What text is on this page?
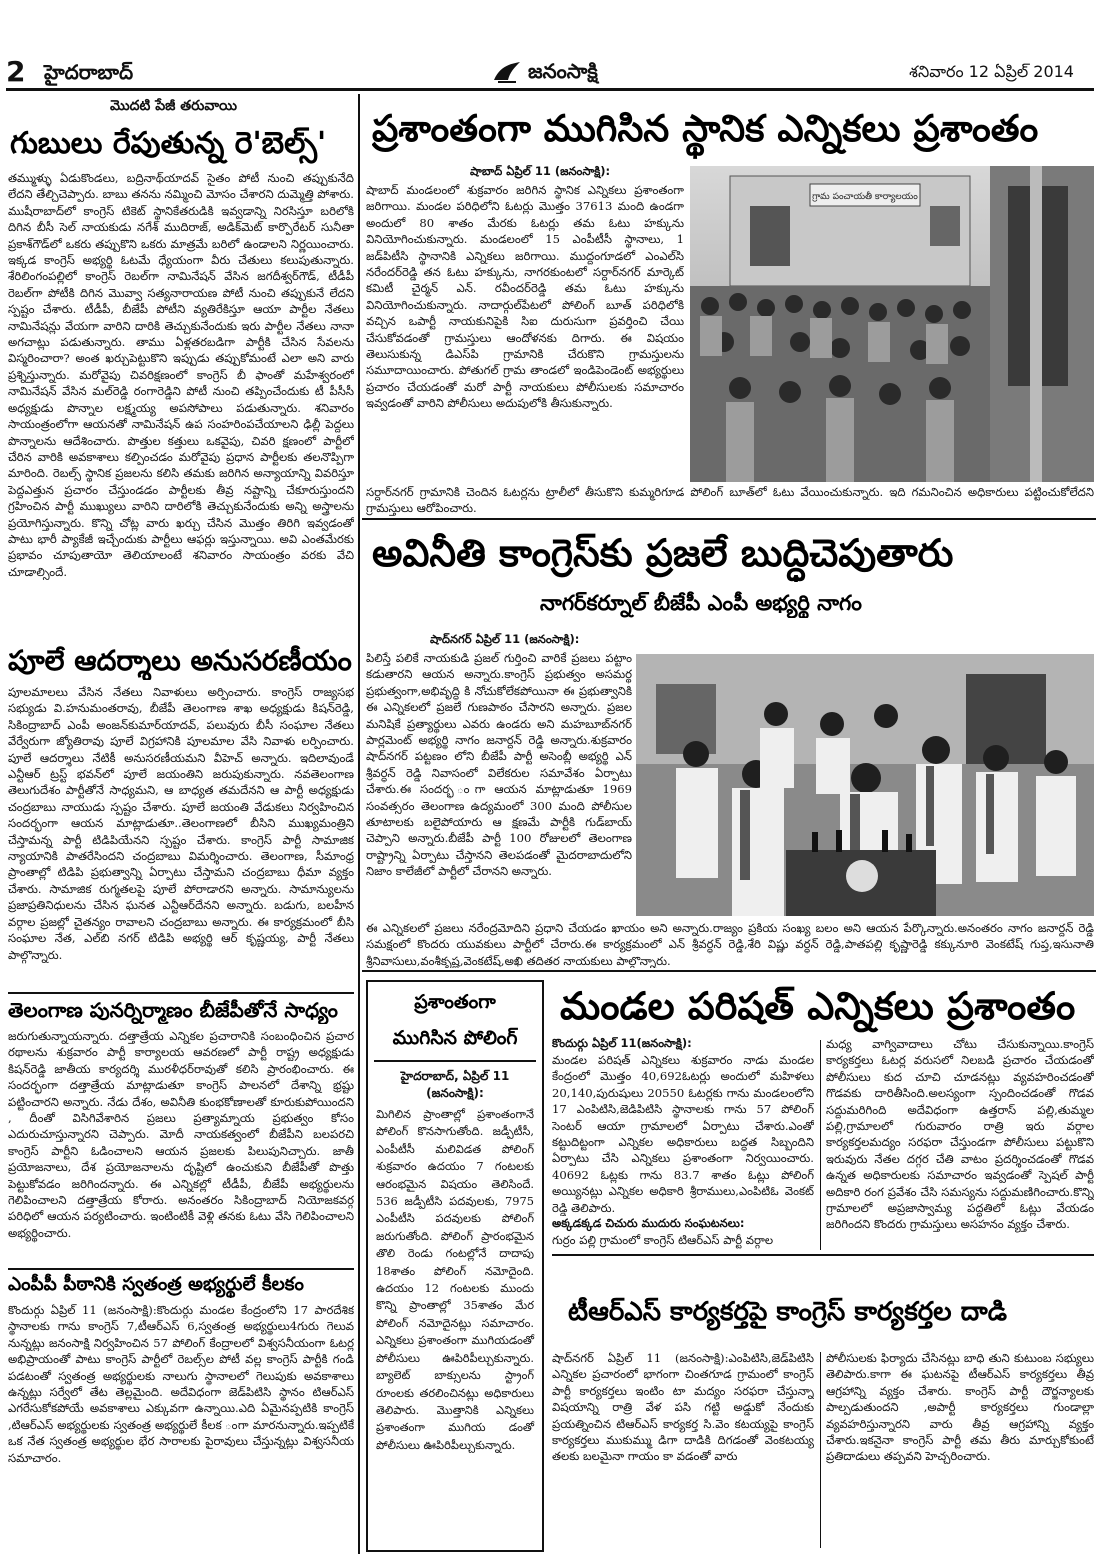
2 హైదరాబాద్	జనంసాక్షి	శనివారం 12 ఏప్రిల్ 2014
మొదటి పేజీ తరువాయి
గుబులు రేపుతున్న రె'బెల్స్'
తమ్ముళ్ళు ఏడుకొండలు, బద్రినాథ్‌యాదవ్ సైతం పోటీ నుంచి తప్పుకునేది లేదని తేల్చిచెప్పారు. బాబు తనను నమ్మించి మోసం చేశారని దుమ్మెత్తి పోశారు. ముషీరాబాద్‌లో కాంగ్రెస్ టికెట్ స్థానికేతరుడికి ఇవ్వడాన్ని నిరసిస్తూ బరిలోకి దిగిన బీసీ సెల్ నాయకుడు నగేశ్ ముదిరాజ్, అడిక్‌మెట్ కార్పొరేటర్ సునీతా ప్రకాశ్‌గౌడ్‌లో ఒకరు తప్పుకొని ఒకరు మాత్రమే బరిలో ఉండాలని నిర్ణయించారు. ఇక్కడ కాంగ్రెస్ అభ్యర్థి ఓటమే ధ్యేయంగా వీరు చేతులు కలుపుతున్నారు. శేరిలింగంపల్లిలో కాంగ్రెస్ రెబల్‌గా నామినేషన్ వేసిన జగదీశ్వర్‌గౌడ్, టీడీపీ రెబల్‌గా పోటీకి దిగిన మొవ్వా సత్యనారాయణ పోటీ నుంచి తప్పుకునే లేదని స్పష్టం చేశారు. టీడీపీ, బీజేపీ పోటీని వ్యతిరేకిస్తూ ఆయా పార్టీల నేతలు నామినేషన్లు వేయగా వారిని దారికి తెచ్చుకునేందుకు ఇరు పార్టీల నేతలు నానా అగచాట్లు పడుతున్నారు. తాము ఏళ్లతరబడిగా పార్టీకి చేసిన సేవలను విస్మరించారా? అంత ఖర్చుపెట్టుకొని ఇప్పుడు తప్పుకోమంటే ఎలా అని వారు ప్రశ్నిస్తున్నారు. మరోవైపు చివరిక్షణంలో కాంగ్రెస్ బీ ఫాంతో మహేశ్వరంలో నామినేషన్ వేసిన మల్‌రెడ్డి రంగారెడ్డిని పోటీ నుంచి తప్పించేందుకు టీ పీసీసీ అధ్యక్షుడు పొన్నాల లక్ష్మయ్య అపసోపాలు పడుతున్నారు. శనివారం సాయంత్రంలోగా ఆయనతో నామినేషన్ ఉప సంహరింపచేయాలని ఢిల్లీ పెద్దలు పొన్నాలను ఆదేశించారు. పొత్తుల కత్తులు ఒకవైపు, చివరి క్షణంలో పార్టీలో చేరిన వారికి అవకాశాలు కల్పించడం మరోవైపు ప్రధాన పార్టీలకు తలనొప్పిగా మారింది. రెబల్స్ స్థానిక ప్రజలను కలిసి తమకు జరిగిన అన్యాయాన్ని వివరిస్తూ పెద్దఎత్తున ప్రచారం చేస్తుండడం పార్టీలకు తీవ్ర నష్టాన్ని చేకూరుస్తుందని గ్రహించిన పార్టీ ముఖ్యులు వారిని దారిలోకి తెచ్చుకునేందుకు అన్ని అస్త్రాలను ప్రయోగిస్తున్నారు. కొన్ని చోట్ల వారు ఖర్చు చేసిన మొత్తం తిరిగి ఇవ్వడంతో పాటు భారీ ప్యాకేజీ ఇచ్చేందుకు పార్టీలు ఆఫర్లు ఇస్తున్నాయి. అవి ఎంతమేరకు ప్రభావం చూపుతాయో తెలియాలంటే శనివారం సాయంత్రం వరకు వేచి చూడాల్సిందే.
పూలే ఆదర్శాలు అనుసరణీయం
పూలమాలలు వేసిన నేతలు నివాళులు అర్పించారు. కాంగ్రెస్ రాజ్యసభ సభ్యుడు వి.హనుమంతరావు, బీజేపీ తెలంగాణ శాఖ అధ్యక్షుడు కిషన్‌రెడ్డి, సికింద్రాబాద్ ఎంపీ అంజన్‌కుమార్‌యాదవ్, పలువురు బీసీ సంఘాల నేతలు వేర్వేరుగా జ్యోతిరావు పూలే విగ్రహానికి పూలమాల వేసి నివాళు లర్పించారు. పూలే ఆదర్శాలు నేటికీ అనుసరణీయమని వీహెచ్ అన్నారు. ఇదిలావుండే ఎన్టీఆర్ ట్రస్ట్ భవన్‌లో పూలే జయంతిని జరుపుకున్నారు. నవతెలంగాణ తెలుగుదేశం పార్టీతోనే సాధ్యమని, ఆ బాధ్యత తమదేనని ఆ పార్టీ అధ్యక్షుడు చంద్రబాబు నాయుడు స్పష్టం చేశారు. పూలే జయంతి వేడుకలు నిర్వహించిన సందర్భంగా ఆయన మాట్లాడుతూ..తెలంగాణలో బీసిని ముఖ్యమంత్రిని చేస్తామన్న పార్టీ టిడిపియేనని స్పష్టం చేశారు. కాంగ్రెస్ పార్టీ సామాజిక న్యాయానికి పాతరేసిందని చంద్రబాబు విమర్శించారు. తెలంగాణ, సీమాంధ్ర ప్రాంతాల్లో టిడిపి ప్రభుత్వాన్ని ఏర్పాటు చేస్తామని చంద్రబాబు ధీమా వ్యక్తం చేశారు. సామాజిక రుగ్మతలపై పూలే పోరాడారని అన్నారు. సామాన్యులను ప్రజాప్రతినిధులను చేసిన ఘనత ఎన్టీఆర్‌దేనని అన్నారు. బడుగు, బలహీన వర్గాల ప్రజల్లో చైతన్యం రావాలని చంద్రబాబు అన్నారు. ఈ కార్యక్రమంలో బీసి సంఘాల నేత, ఎల్‌బి నగర్ టిడిపి అభ్యర్థి ఆర్ కృష్ణయ్య, పార్టీ నేతలు పాల్గొన్నారు.
తెలంగాణ పునర్నిర్మాణం బీజేపీతోనే సాధ్యం
జరుగుతున్నాయన్నారు. దత్తాత్రేయ ఎన్నికల ప్రచారానికి సంబంధించిన ప్రచార రథాలను శుక్రవారం పార్టీ కార్యాలయ ఆవరణలో పార్టీ రాష్ట్ర అధ్యక్షుడు కిషన్‌రెడ్డి జాతీయ కార్యదర్శి మురళీధర్‌రావుతో కలిసి ప్రారంభించారు. ఈ సందర్భంగా దత్తాత్రేయ మాట్లాడుతూ కాంగ్రెస్ పాలనలో దేశాన్ని భ్రష్టు పట్టించారని అన్నారు. నేడు దేశం, అవినీతి కుంభకోణాలతో కూరుకుపోయిందని , దీంతో విసిగివేశారిన ప్రజలు ప్రత్యామ్నాయ ప్రభుత్వం కోసం ఎదురుచూస్తున్నారని చెప్పారు. మోదీ నాయకత్వంలో బీజేపీని బలపరచి కాంగ్రెస్ పార్టీని ఓడించాలని ఆయన ప్రజలకు పిలుపునిచ్చారు. జాతీ ప్రయోజనాలు, దేశ ప్రయోజనాలను దృష్టిలో ఉంచుకుని బీజేపీతో పొత్తు పెట్టుకోవడం జరిగిందన్నారు. ఈ ఎన్నికల్లో టీడీపీ, బీజేపీ అభ్యర్థులను గెలిపించాలని దత్తాత్రేయ కోరారు. అనంతరం సికింద్రాబాద్ నియోజకవర్గ పరిధిలో ఆయన పర్యటించారు. ఇంటింటికీ వెళ్లి తనకు ఓటు వేసి గెలిపించాలని అభ్యర్థించారు.
ఎంపీపీ పీఠానికి స్వతంత్ర అభ్యర్థులే కీలకం
కొందుర్గు ఏప్రిల్ 11 (జనంసాక్షి):కొందుర్గు మండల కేంద్రంలోని 17 పారదేశిక స్థానాలకు గాను కాంగ్రెస్ 7,టీఆర్ఎస్ 6,స్వతంత్ర అభ్యర్థులు4గురు గెలువ నున్నట్లు జనంసాక్షి నిర్వహించిన 57 పోలింగ్ కేంద్రాలలో విశ్వసనీయంగా ఓటర్ల అభిప్రాయంతో పాటు కాంగ్రెస్ పార్టీలో రెబల్స్‌ల పోటీ వల్ల కాంగ్రెస్ పార్టీకి గండి పడటంతో స్వతంత్ర అభ్యర్థులకు నాలుగు స్థానాలలో గెలుపుకు అవకాశాలు ఉన్నట్లు సర్వేలో తేట తెల్లమైంది. అదేవిధంగా జెడ్‌పిటిసి స్థానం టిఆర్ఎస్ ఎగరేసుకోకపోయే అవకాశాలు ఎక్కువగా ఉన్నాయి.ఎది ఏమైనప్పటికి కాంగ్రెస్ ,టిఆర్ఎస్ అభ్యర్థులకు స్వతంత్ర అభ్యర్థులే కీలక ంగా మారనున్నారు.ఇప్పటికే ఒక నేత స్వతంత్ర అభ్యర్థుల భేర సారాలకు పైరావులు చేస్తున్నట్లు విశ్వసనీయ సమాచారం.
ప్రశాంతంగా ముగిసిన స్థానిక ఎన్నికలు ప్రశాంతం
షాబాద్ ఏప్రిల్ 11 (జనంసాక్షి):
షాబాద్ మండలంలో శుక్రవారం జరిగిన స్థానిక ఎన్నికలు ప్రశాంతంగా జరిగాయి. మండల పరిధిలోని ఓటర్లు మొత్తం 37613 మంది ఉండగా అందులో 80 శాతం మేరకు ఓటర్లు తమ ఓటు హక్కును వినియోగించుకున్నారు. మండలంలో 15 ఎంపీటీసీ స్థానాలు, 1 జడ్‌పిటీసి స్థానానికి ఎన్నికలు జరిగాయి. ముద్దంగూడలో ఎంఎల్‌సి నరేందర్‌రెడ్డి తన ఓటు హక్కును, నాగరకుంటలో సర్దార్‌నగర్ మార్కెట్ కమిటీ చైర్మన్ ఎన్. రవీందర్‌రెడ్డి తమ ఓటు హక్కును వినియోగించుకున్నారు. నాదార్గుల్‌పేటలో పోలింగ్ బూత్ పరిధిలోకి వచ్చిన ఒపార్టీ నాయకునిపైకి సిఐ దురుసుగా ప్రవర్తించి చేయి చేసుకోవడంతో గ్రామస్తులు ఆందోళనకు దిగారు. ఈ విషయం తెలుసుకున్న డిఎస్‌పి గ్రామానికి చేరుకొని గ్రామస్తులను సమూదాయించారు. పోతుగల్ గ్రామ తాండలో ఇండిపెండెంట్ అభ్యర్థులు ప్రచారం చేయడంతో మరో పార్టీ నాయకులు పోలీసులకు సమాచారం ఇవ్వడంతో వారిని పోలీసులు అదుపులోకి తీసుకున్నారు.
సర్దార్‌నగర్ గ్రామానికి చెందిన ఓటర్లను ట్రాలీలో తీసుకొని కుమ్మరిగూడ పోలింగ్ బూత్‌లో ఓటు వేయించుకున్నారు. ఇది గమనించిన అధికారులు పట్టించుకోలేదని గ్రామస్తులు ఆరోపించారు.
గ్రామ పంచాయతీ కార్యాలయం
అవినీతి కాంగ్రెస్‌కు ప్రజలే బుద్ధిచెపుతారు
నాగర్‌కర్నూల్ బీజేపీ ఎంపీ అభ్యర్థి నాగం
షాద్‌నగర్ ఏప్రిల్ 11 (జనంసాక్షి):
పిలిస్తే పలికే నాయకుడి ప్రజల్ గుర్తించి వారికే ప్రజలు పట్టాం కడుతారని ఆయన అన్నారు.కాంగ్రెస్ ప్రభుత్వం అసమర్థ ప్రభుత్వంగా,అభివృద్ధి కి నోచుకోలేకపోయినా ఈ ప్రభుత్వానికి ఈ ఎన్నికలలో ప్రజలే గుణపాఠం చేసారని అన్నారు. ప్రజల మనిషికే ప్రత్యార్థులు ఎవరు ఉండరు అని మహబూబ్‌నగర్ పార్లమెంట్ అభ్యర్థి నాగం జనార్దన్ రెడ్డి అన్నారు.శుక్రవారం షాద్‌నగర్ పట్టణం లోని బీజేపీ పార్టీ అసెంబ్లీ అభ్యర్థి ఎన్ శ్రీవర్ధన్ రెడ్డి నివాసంలో విలేకరుల సమావేశం ఏర్పాటు చేశారు.ఈ సందర్భ ంగా ఆయన మాట్లాడుతూ 1969 సంవత్సరం తెలంగాణ ఉద్యమంలో 300 మంది పోలీసుల తూటాలకు బలైపోయారు ఆ క్షణమే పార్టీకి గుడ్‌బాయ్ చెప్పాని అన్నారు.బీజేపీ పార్టీ 100 రోజులలో తెలంగాణ రాష్ట్రాన్ని ఏర్పాటు చేస్తానని తెలపడంతో మైదరాబాదులోని నిజాం కాలేజీలో పార్టీలో చేరానని అన్నారు.
ఈ ఎన్నికలలో ప్రజలు నరేంద్రమోదిని ప్రధాని చేయడం ఖాయం అని అన్నారు.రాజ్యం ప్రకియ సంఖ్య బలం అని ఆయన పేర్కొన్నారు.అనంతరం నాగం జనార్దన్ రెడ్డి సమక్షంలో కొందరు యువకులు పార్టీలో చేరారు.ఈ కార్యక్రమంలో ఎన్ శ్రీవర్ధన్ రెడ్డి,శేరి విష్ణు వర్ధన్ రెడ్డి,పాతపల్లి కృష్ణారెడ్డి కక్కునూరి వెంకటేష్ గుప్త,ఇసునాతి శ్రీనివాసులు,వంశీకృష్ణ,వెంకటేష్,అఖి తదితర నాయకులు పాల్గొన్నారు.
ప్రశాంతంగా
ముగిసిన పోలింగ్
హైదరాబాద్, ఏప్రిల్ 11 (జనంసాక్షి):
మిగిలిన ప్రాంతాల్లో ప్రశాంతంగానే పోలింగ్ కొనసాగుతోంది. జడ్పీటీసీ, ఎంపీటీసీ మలివిడత పోలింగ్ శుక్రవారం ఉదయం 7 గంటలకు ఆరంభమైన విషయం తెలిసిందే. 536 జడ్పీటీసి పదవులకు, 7975 ఎంపీటీసి పదవులకు పోలింగ్ జరుగుతోంది. పోలింగ్ ప్రారంభమైన తొలి రెండు గంటల్లోనే దాదాపు 18శాతం పోలింగ్ నమోదైంది. ఉదయం 12 గంటలకు ముందు కొన్ని ప్రాంతాల్లో 35శాతం మేర పోలింగ్ నమోదైనట్లు సమాచారం. ఎన్నికలు ప్రశాంతంగా ముగియడంతో పోలీసులు ఊపిరిపీల్చుకున్నారు. బ్యాలెట్ బాక్సులను స్ట్రాంగ్ రూంలకు తరలించినట్లు అధికారులు తెలిపారు. మొత్తానికి ఎన్నికలు ప్రశాంతంగా ముగియ డంతో పోలీసులు ఊపిరిపీల్చుకున్నారు.
మండల పరిషత్ ఎన్నికలు ప్రశాంతం
కొందుర్గు ఏప్రిల్ 11(జనంసాక్షి):
మండల పరిషత్ ఎన్నికలు శుక్రవారం నాడు మండల కేంద్రంలో మొత్తం 40,692ఓటర్లు అందులో మహిళలు 20,140,పురుషులు 20550 ఓటర్లకు గాను మండలంలోని 17 ఎంపిటిసి,జెడిపిటిసి స్థానాలకు గాను 57 పోలింగ్ సెంటర్ ఆయా గ్రామాలలో ఏర్పాటు చేశారు.ఎంతో కట్టుదిట్టంగా ఎన్నికల అధికారులు బద్ధత సిబ్బందిని ఏర్పాటు చేసి ఎన్నికలు ప్రశాంతంగా నిర్వయించారు. 40692 ఓట్లకు గాను 83.7 శాతం ఓట్లు పోలింగ్ అయ్యినట్లు ఎన్నికల అధికారి శ్రీరాములు,ఎంపిటిఓ వెంకట్ రెడ్డి తెలిపారు.
అక్కడక్కడ చిచురు ముదురు సంఘటనలు:
గుర్రం పల్లి గ్రామంలో కాంగ్రెస్ టిఆర్ఎస్ పార్టీ వర్గాల
మధ్య వాగ్వివాదాలు చోటు చేసుకున్నాయి.కాంగ్రెస్ కార్యకర్తలు ఓటర్ల వరుసలో నిలబడి ప్రచారం చేయడంతో పోలీసులు కుద చూచి చూడనట్లు వ్యవహరించడంతో గొడవకు దారితీసింది.అలస్యంగా స్పందించడంతో గొడవ సద్దుమరిగింది అదేవిధంగా ఉత్తరాస్ పల్లి,తుమ్మల పల్లి,గ్రామాలలో గురువారం రాత్రి ఇరు వర్గాల కార్యకర్తలమద్యం సరఫరా చేస్తుండగా పోలీసులు పట్టుకొని ఇరువురు నేతల దగ్గర చేతి వాటం ప్రదర్శించడంతో గొడవ ఉన్నత అధికారులకు సమాచారం ఇవ్వడంతో స్పెషల్ పార్టీ అదికారి రంగ ప్రవేశం చేసి సమస్యను సద్దుమణిగించారు.కొన్ని గ్రామాలలో అప్రజాస్వామ్య పద్ధతిలో ఓట్లు వేయడం జరిగిందని కొందరు గ్రామస్తులు అసహనం వ్యక్తం చేశారు.
టీఆర్ఎస్ కార్యకర్తపై కాంగ్రెస్ కార్యకర్తల దాడి
షాద్‌నగర్ ఏప్రిల్ 11 (జనంసాక్షి):ఎంపిటిసి,జెడ్‌పిటిసి ఎన్నికల ప్రచారంలో భాగంగా చింతగూడ గ్రామంలో కాంగ్రెస్ పార్టీ కార్యకర్తలు ఇంటిం టా మద్యం సరఫరా చేస్తున్నా విషయాన్ని రాత్రి వేళ పసి గట్టి అడ్డుకో నేందుకు ప్రయత్నించిన టిఆర్ఎస్ కార్యకర్త సి.వెం కటయ్యపై కాంగ్రెస్ కార్యకర్తలు ముకుమ్ము డిగా దాడికి దిగడంతో వెంకటయ్య తలకు బలమైనా గాయం కా వడంతో వారు
పోలీసులకు ఫిర్యాదు చేసినట్లు బాధి తుని కుటుంబ సభ్యులు తెలిపారు.కాగా ఈ ఘటనపై టీఆర్ఎస్ కార్యకర్తలు తీవ్ర ఆగ్రహాన్ని వ్యక్తం చేశారు. కాంగ్రెస్ పార్టీ దౌర్జన్యాలకు పాల్పడుతుందని ,అపార్టీ కార్యకర్తలు గుండాల్లా వ్యవహరిస్తున్నారని వారు తీవ్ర ఆగ్రహాన్ని వ్యక్తం చేశారు.ఇకనైనా కాంగ్రెస్ పార్టీ తమ తీరు మార్చుకోకుంటే ప్రతిదాడులు తప్పవని హెచ్చరించారు.
